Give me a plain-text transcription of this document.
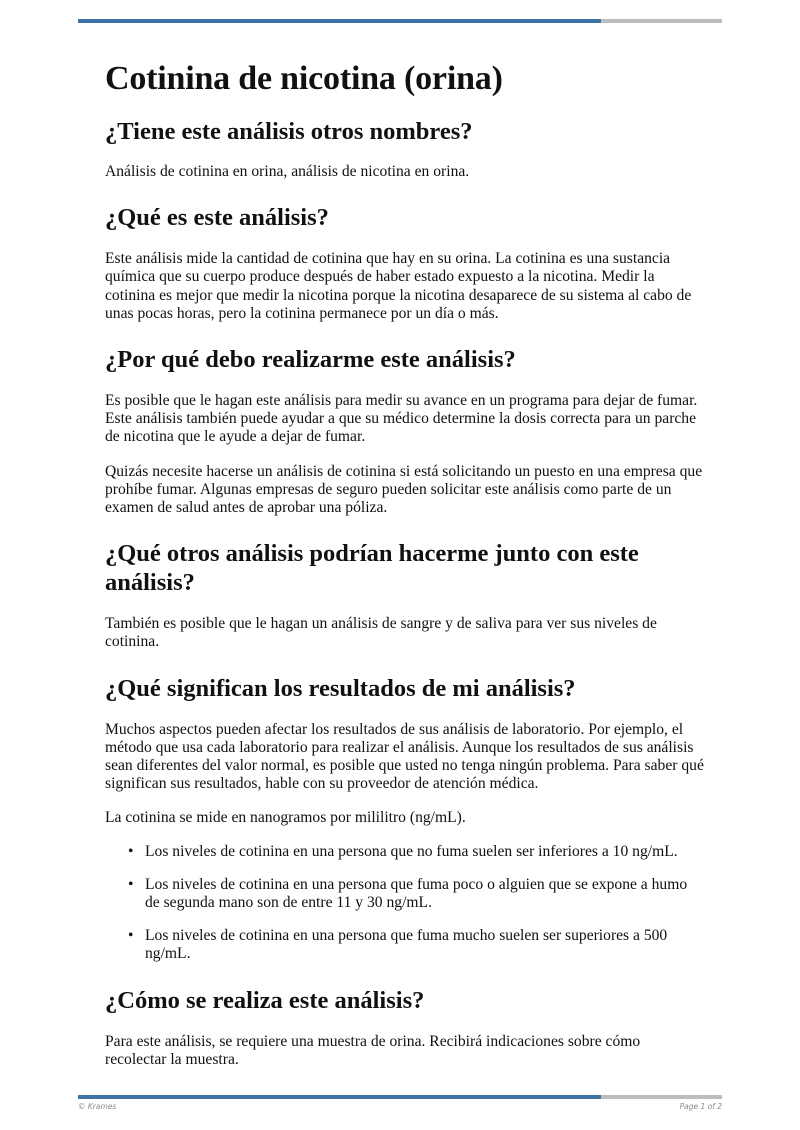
Cotinina de nicotina (orina)
¿Tiene este análisis otros nombres?

Análisis de cotinina en orina, análisis de nicotina en orina.

¿Qué es este análisis?

Este análisis mide la cantidad de cotinina que hay en su orina. La cotinina es una sustancia química que su cuerpo produce después de haber estado expuesto a la nicotina. Medir la cotinina es mejor que medir la nicotina porque la nicotina desaparece de su sistema al cabo de unas pocas horas, pero la cotinina permanece por un día o más.

¿Por qué debo realizarme este análisis?

Es posible que le hagan este análisis para medir su avance en un programa para dejar de fumar. Este análisis también puede ayudar a que su médico determine la dosis correcta para un parche de nicotina que le ayude a dejar de fumar.

Quizás necesite hacerse un análisis de cotinina si está solicitando un puesto en una empresa que prohíbe fumar. Algunas empresas de seguro pueden solicitar este análisis como parte de un examen de salud antes de aprobar una póliza.

¿Qué otros análisis podrían hacerme junto con este análisis?

También es posible que le hagan un análisis de sangre y de saliva para ver sus niveles de cotinina.

¿Qué significan los resultados de mi análisis?

Muchos aspectos pueden afectar los resultados de sus análisis de laboratorio. Por ejemplo, el método que usa cada laboratorio para realizar el análisis. Aunque los resultados de sus análisis sean diferentes del valor normal, es posible que usted no tenga ningún problema. Para saber qué significan sus resultados, hable con su proveedor de atención médica.

La cotinina se mide en nanogramos por mililitro (ng/mL).

• Los niveles de cotinina en una persona que no fuma suelen ser inferiores a 10 ng/mL.
• Los niveles de cotinina en una persona que fuma poco o alguien que se expone a humo de segunda mano son de entre 11 y 30 ng/mL.
• Los niveles de cotinina en una persona que fuma mucho suelen ser superiores a 500 ng/mL.
¿Cómo se realiza este análisis?

Para este análisis, se requiere una muestra de orina. Recibirá indicaciones sobre cómo recolectar la muestra.

© Krames	Page 1 of 2
